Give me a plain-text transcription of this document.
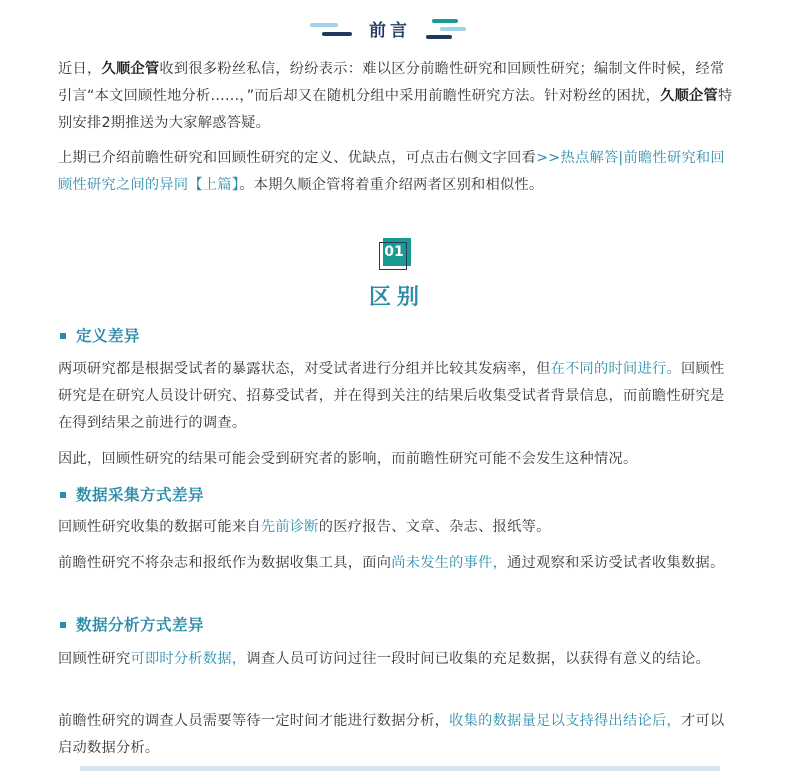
前言

近日，久顺企管收到很多粉丝私信，纷纷表示：难以区分前瞻性研究和回顾性研究；编制文件时候，经常引言“本文回顾性地分析......，”而后却又在随机分组中采用前瞻性研究方法。针对粉丝的困扰，久顺企管特别安排2期推送为大家解惑答疑。

上期已介绍前瞻性研究和回顾性研究的定义、优缺点，可点击右侧文字回看>>热点解答|前瞻性研究和回顾性研究之间的异同【上篇】。本期久顺企管将着重介绍两者区别和相似性。

01
区别
定义差异

两项研究都是根据受试者的暴露状态，对受试者进行分组并比较其发病率，但在不同的时间进行。回顾性研究是在研究人员设计研究、招募受试者，并在得到关注的结果后收集受试者背景信息，而前瞻性研究是在得到结果之前进行的调查。

因此，回顾性研究的结果可能会受到研究者的影响，而前瞻性研究可能不会发生这种情况。

数据采集方式差异

回顾性研究收集的数据可能来自先前诊断的医疗报告、文章、杂志、报纸等。

前瞻性研究不将杂志和报纸作为数据收集工具，面向尚未发生的事件，通过观察和采访受试者收集数据。

数据分析方式差异

回顾性研究可即时分析数据，调查人员可访问过往一段时间已收集的充足数据，以获得有意义的结论。

前瞻性研究的调查人员需要等待一定时间才能进行数据分析，收集的数据量足以支持得出结论后，才可以启动数据分析。
